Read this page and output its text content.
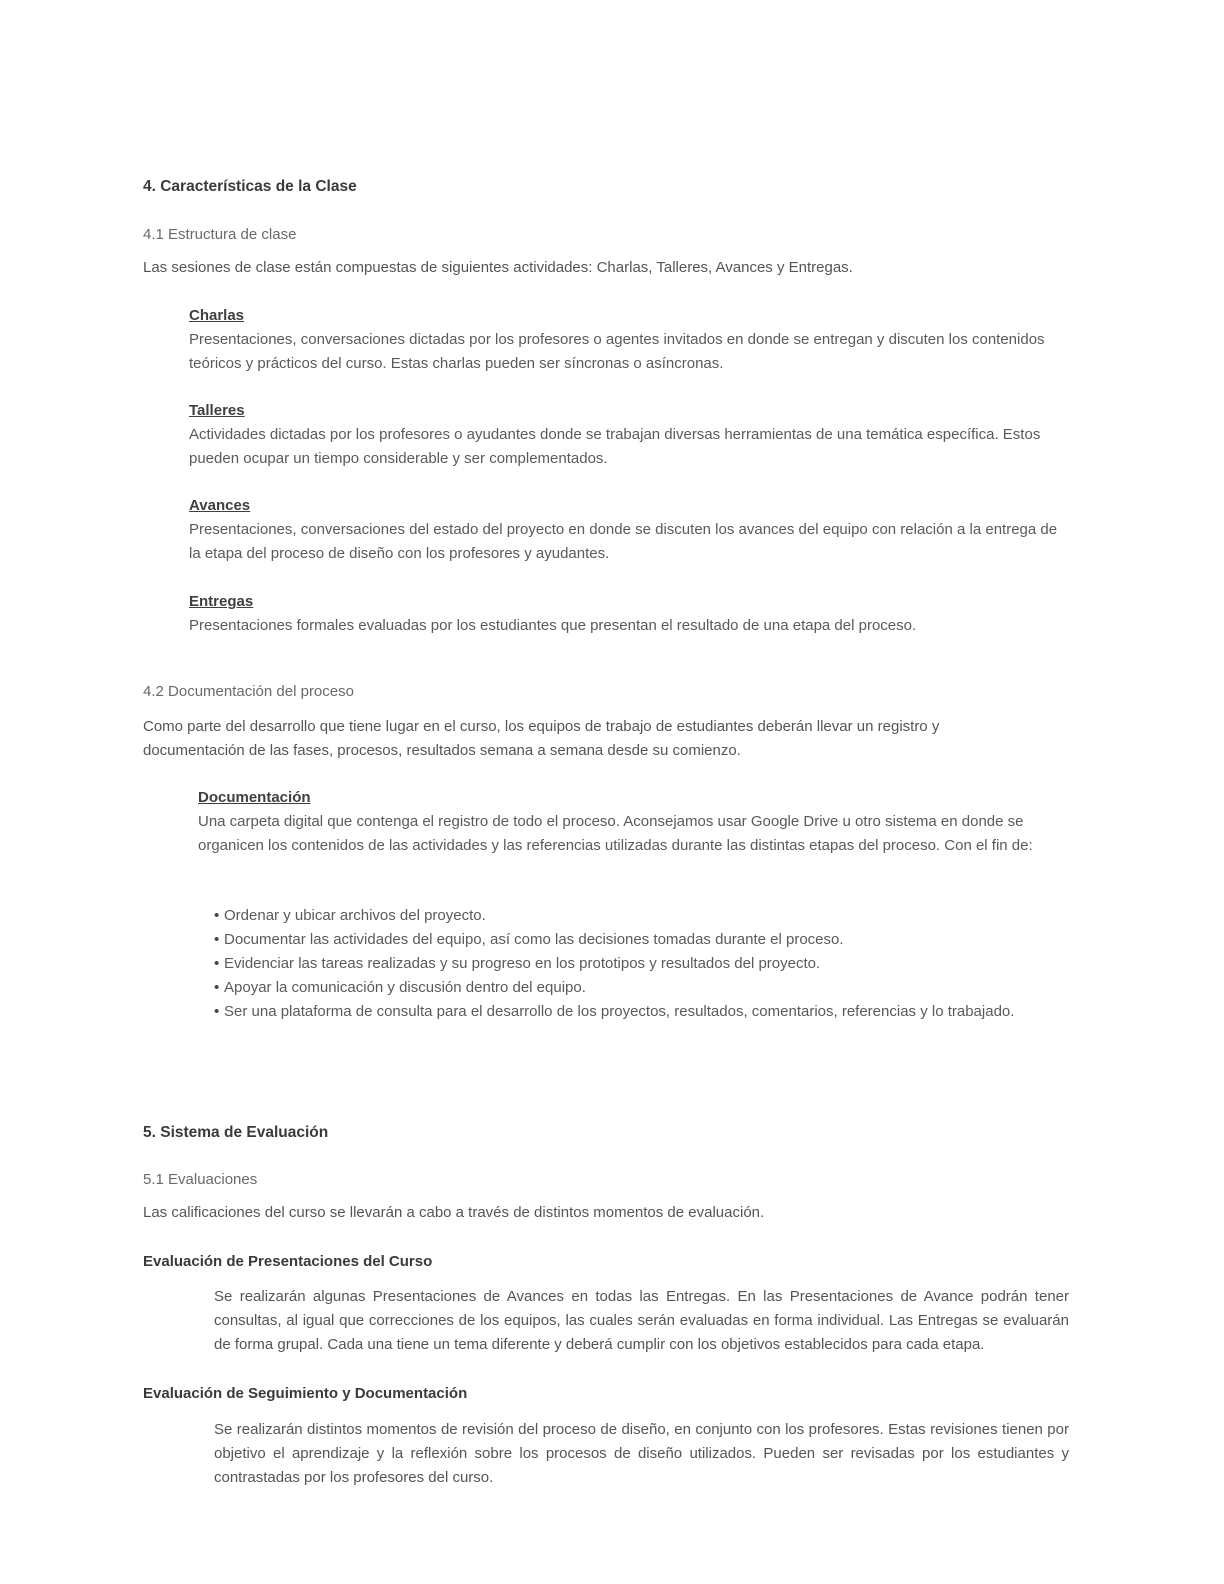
4. Características de la Clase
4.1 Estructura de clase
Las sesiones de clase están compuestas de siguientes actividades: Charlas, Talleres, Avances y Entregas.
Charlas
Presentaciones, conversaciones dictadas por los profesores o agentes invitados en donde se entregan y discuten los contenidos teóricos y prácticos del curso. Estas charlas pueden ser síncronas o asíncronas.
Talleres
Actividades dictadas por los profesores o ayudantes donde se trabajan diversas herramientas de una temática específica. Estos pueden ocupar un tiempo considerable y ser complementados.
Avances
Presentaciones, conversaciones del estado del proyecto en donde se discuten los avances del equipo con relación a la entrega de la etapa del proceso de diseño con los profesores y ayudantes.
Entregas
Presentaciones formales evaluadas por los estudiantes que presentan el resultado de una etapa del proceso.
4.2 Documentación del proceso
Como parte del desarrollo que tiene lugar en el curso, los equipos de trabajo de estudiantes deberán llevar un registro y documentación de las fases, procesos, resultados semana a semana desde su comienzo.
Documentación
Una carpeta digital que contenga el registro de todo el proceso. Aconsejamos usar Google Drive u otro sistema en donde se organicen los contenidos de las actividades y las referencias utilizadas durante las distintas etapas del proceso. Con el fin de:
• Ordenar y ubicar archivos del proyecto.
• Documentar las actividades del equipo, así como las decisiones tomadas durante el proceso.
• Evidenciar las tareas realizadas y su progreso en los prototipos y resultados del proyecto.
• Apoyar la comunicación y discusión dentro del equipo.
• Ser una plataforma de consulta para el desarrollo de los proyectos, resultados, comentarios, referencias y lo trabajado.
5. Sistema de Evaluación
5.1 Evaluaciones
Las calificaciones del curso se llevarán a cabo a través de distintos momentos de evaluación.
Evaluación de Presentaciones del Curso
Se realizarán algunas Presentaciones de Avances en todas las Entregas. En las Presentaciones de Avance podrán tener consultas, al igual que correcciones de los equipos, las cuales serán evaluadas en forma individual. Las Entregas se evaluarán de forma grupal. Cada una tiene un tema diferente y deberá cumplir con los objetivos establecidos para cada etapa.
Evaluación de Seguimiento y Documentación
Se realizarán distintos momentos de revisión del proceso de diseño, en conjunto con los profesores. Estas revisiones tienen por objetivo el aprendizaje y la reflexión sobre los procesos de diseño utilizados. Pueden ser revisadas por los estudiantes y contrastadas por los profesores del curso.
